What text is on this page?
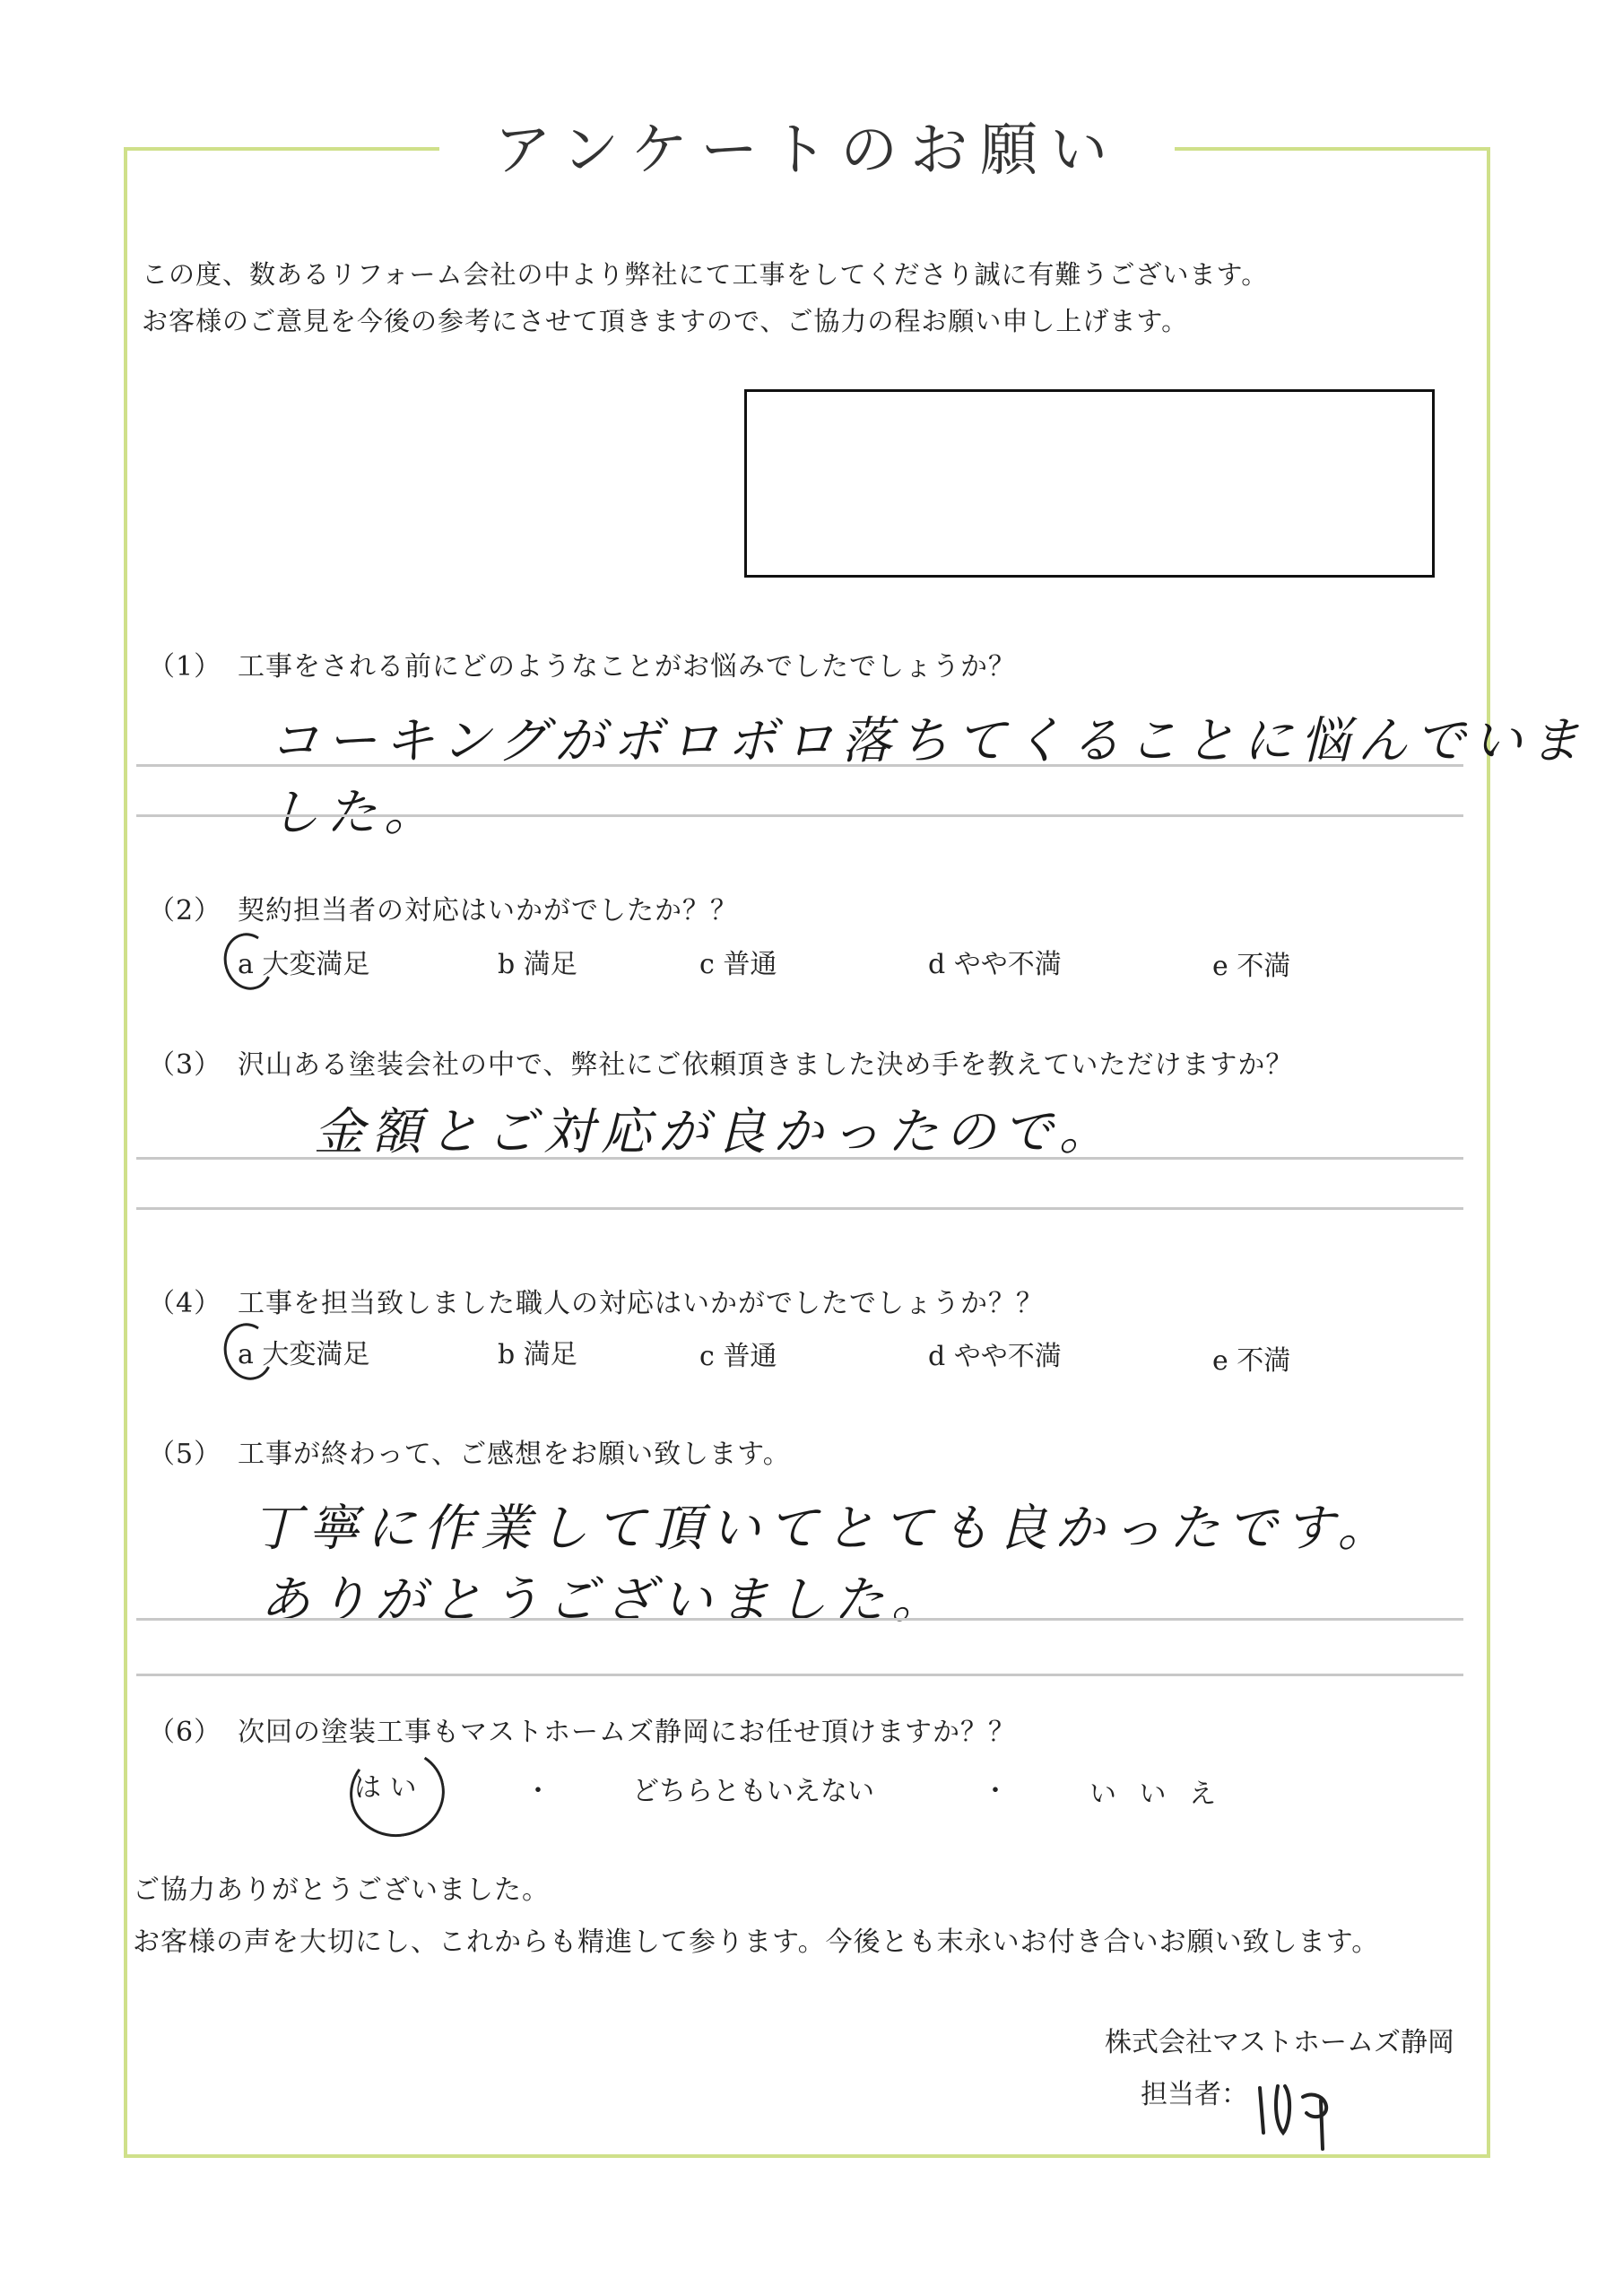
アンケートのお願い
この度、数あるリフォーム会社の中より弊社にて工事をしてくださり誠に有難うございます。
お客様のご意見を今後の参考にさせて頂きますので、ご協力の程お願い申し上げます。
（1） 工事をされる前にどのようなことがお悩みでしたでしょうか？
コーキングがボロボロ落ちてくることに悩んでいました。
（2） 契約担当者の対応はいかがでしたか？？
a 大変満足	b 満足	c 普通	d やや不満	e 不満
（3） 沢山ある塗装会社の中で、弊社にご依頼頂きました決め手を教えていただけますか？
金額とご対応が良かったので。
（4） 工事を担当致しました職人の対応はいかがでしたでしょうか？？
a 大変満足	b 満足	c 普通	d やや不満	e 不満
（5） 工事が終わって、ご感想をお願い致します。
丁寧に作業して頂いてとても良かったです。
ありがとうございました。
（6） 次回の塗装工事もマストホームズ静岡にお任せ頂けますか？？
は い	・	どちらともいえない	・	い い え
ご協力ありがとうございました。
お客様の声を大切にし、これからも精進して参ります。今後とも末永いお付き合いお願い致します。
株式会社マストホームズ静岡
担当者：
